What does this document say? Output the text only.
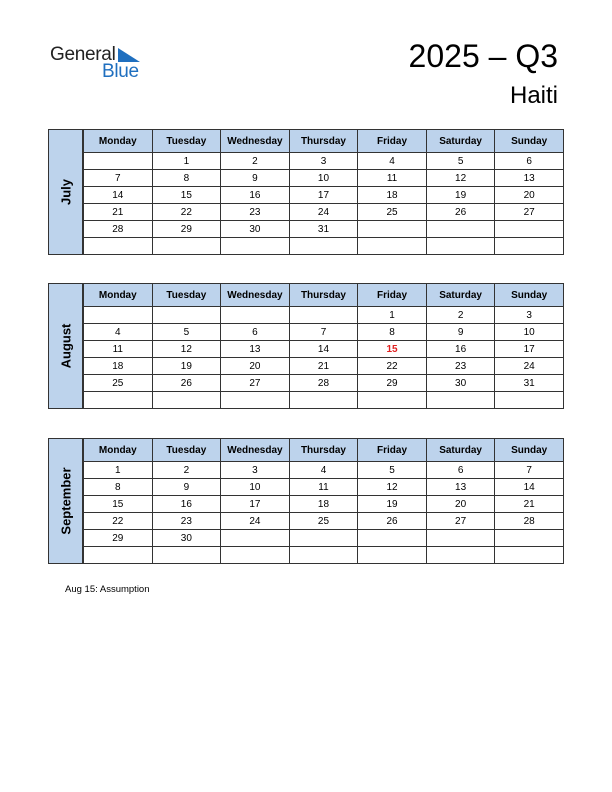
General
Blue	2025 – Q3
Haiti
July
Monday	Tuesday	Wednesday	Thursday	Friday	Saturday	Sunday
	1	2	3	4	5	6
7	8	9	10	11	12	13
14	15	16	17	18	19	20
21	22	23	24	25	26	27
28	29	30	31			

August
Monday	Tuesday	Wednesday	Thursday	Friday	Saturday	Sunday
				1	2	3
4	5	6	7	8	9	10
11	12	13	14	15	16	17
18	19	20	21	22	23	24
25	26	27	28	29	30	31

September
Monday	Tuesday	Wednesday	Thursday	Friday	Saturday	Sunday
1	2	3	4	5	6	7
8	9	10	11	12	13	14
15	16	17	18	19	20	21
22	23	24	25	26	27	28
29	30					

Aug 15: Assumption
